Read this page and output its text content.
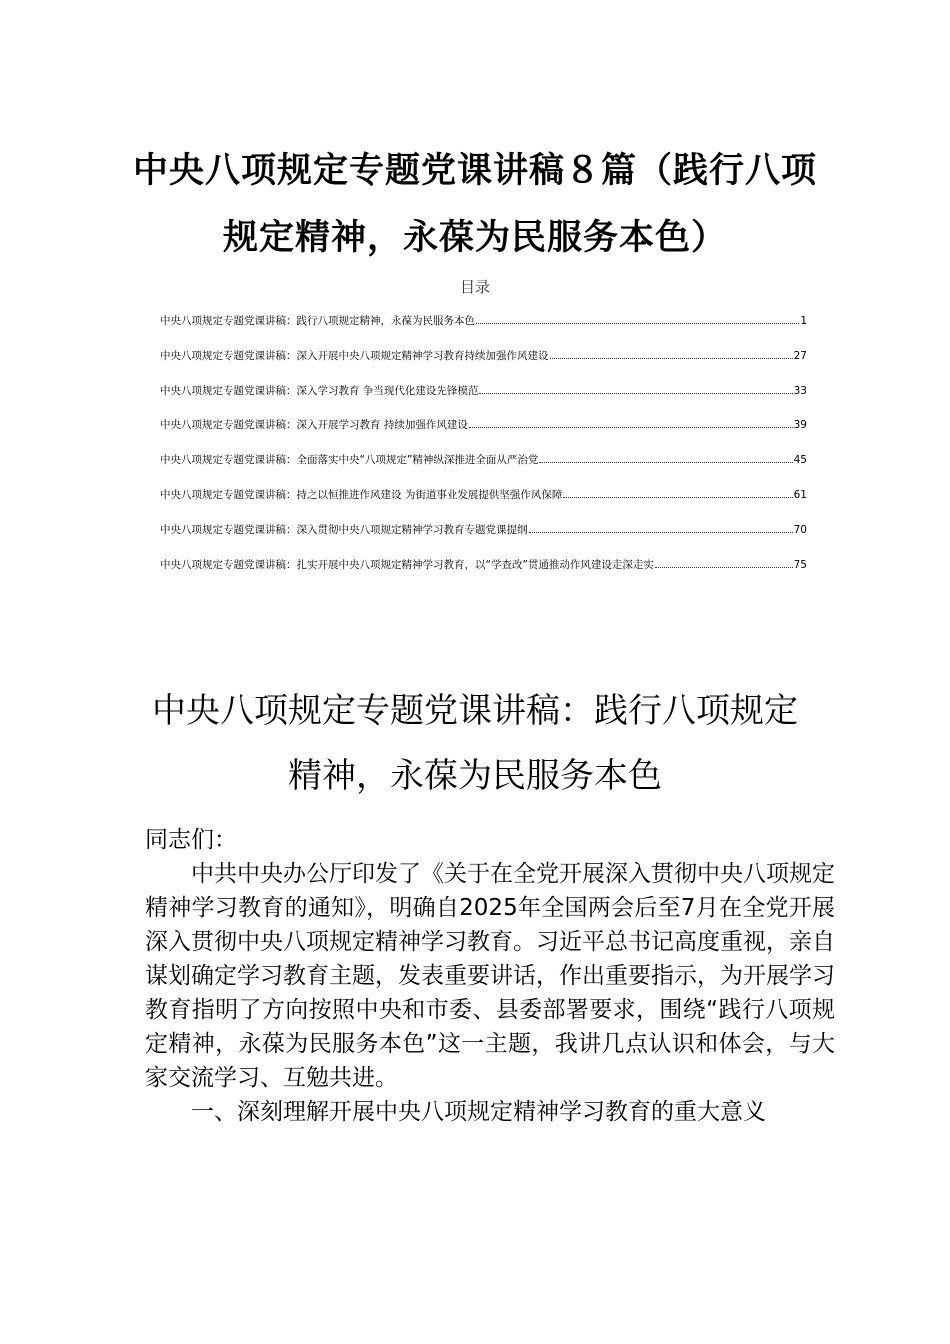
中央八项规定专题党课讲稿８篇（践行八项规定精神，永葆为民服务本色）
目录
中央八项规定专题党课讲稿：践行八项规定精神，永葆为民服务本色	1
中央八项规定专题党课讲稿：深入开展中央八项规定精神学习教育持续加强作风建设	27
中央八项规定专题党课讲稿：深入学习教育 争当现代化建设先锋模范	33
中央八项规定专题党课讲稿：深入开展学习教育 持续加强作风建设	39
中央八项规定专题党课讲稿：全面落实中央“八项规定”精神纵深推进全面从严治党	45
中央八项规定专题党课讲稿：持之以恒推进作风建设 为街道事业发展提供坚强作风保障	61
中央八项规定专题党课讲稿：深入贯彻中央八项规定精神学习教育专题党课提纲	70
中央八项规定专题党课讲稿：扎实开展中央八项规定精神学习教育，以“学查改”贯通推动作风建设走深走实	75
中央八项规定专题党课讲稿：践行八项规定精神，永葆为民服务本色

同志们：

中共中央办公厅印发了《关于在全党开展深入贯彻中央八项规定精神学习教育的通知》，明确自2025年全国两会后至7月在全党开展深入贯彻中央八项规定精神学习教育。习近平总书记高度重视，亲自谋划确定学习教育主题，发表重要讲话，作出重要指示，为开展学习教育指明了方向按照中央和市委、县委部署要求，围绕“践行八项规定精神，永葆为民服务本色”这一主题，我讲几点认识和体会，与大家交流学习、互勉共进。

一、深刻理解开展中央八项规定精神学习教育的重大意义
